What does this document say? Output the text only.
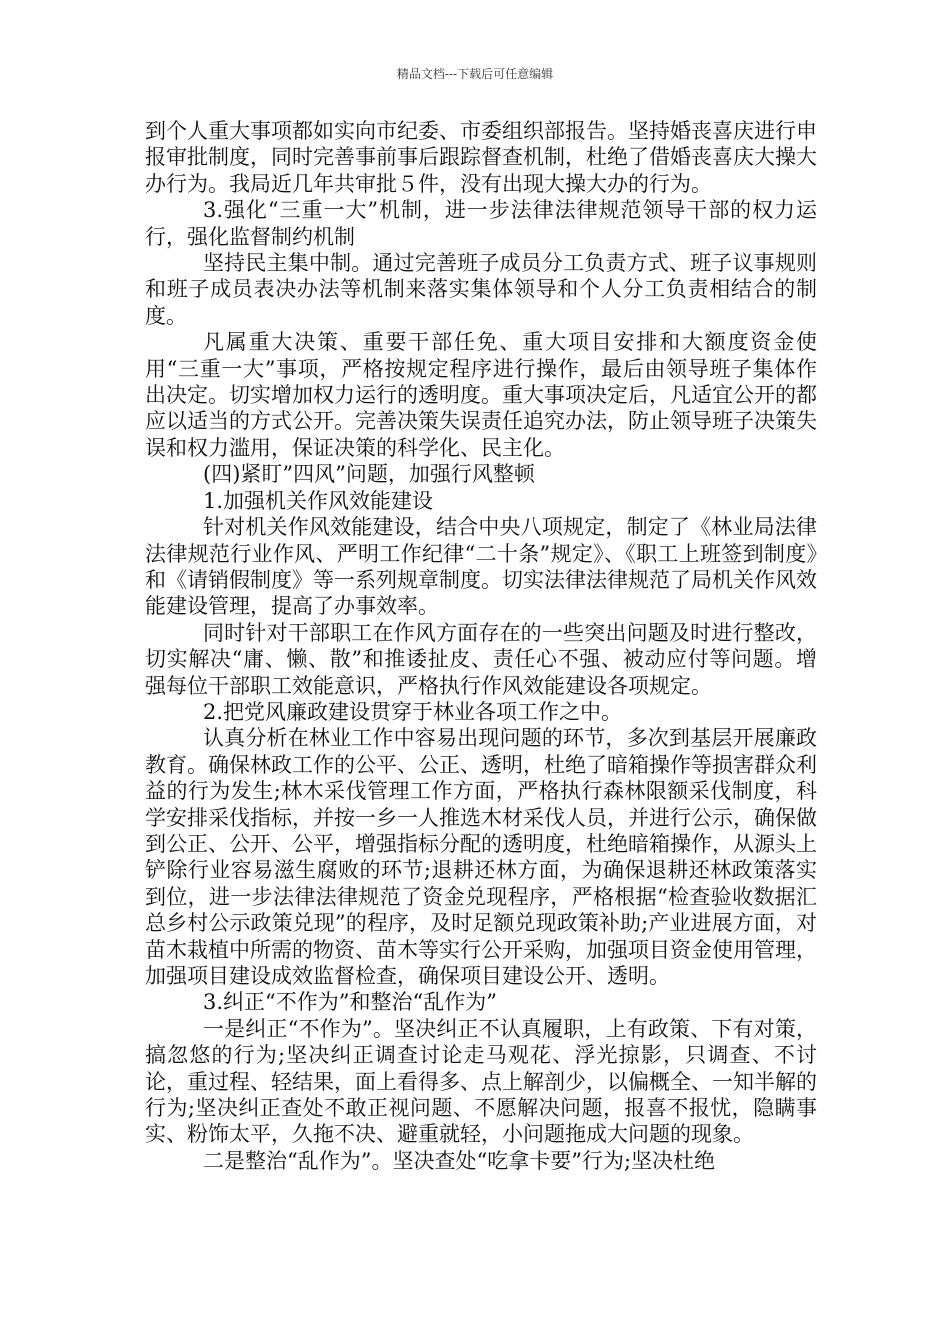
精品文档---下载后可任意编辑

到个人重大事项都如实向市纪委、市委组织部报告。坚持婚丧喜庆进行申报审批制度，同时完善事前事后跟踪督查机制，杜绝了借婚丧喜庆大操大办行为。我局近几年共审批５件，没有出现大操大办的行为。

3.强化“三重一大”机制，进一步法律法律规范领导干部的权力运行，强化监督制约机制

坚持民主集中制。通过完善班子成员分工负责方式、班子议事规则和班子成员表决办法等机制来落实集体领导和个人分工负责相结合的制度。

凡属重大决策、重要干部任免、重大项目安排和大额度资金使用“三重一大”事项，严格按规定程序进行操作，最后由领导班子集体作出决定。切实增加权力运行的透明度。重大事项决定后，凡适宜公开的都应以适当的方式公开。完善决策失误责任追究办法，防止领导班子决策失误和权力滥用，保证决策的科学化、民主化。

(四)紧盯”四风”问题，加强行风整顿

1.加强机关作风效能建设

针对机关作风效能建设，结合中央八项规定，制定了《林业局法律法律规范行业作风、严明工作纪律“二十条”规定》、《职工上班签到制度》和《请销假制度》等一系列规章制度。切实法律法律规范了局机关作风效能建设管理，提高了办事效率。

同时针对干部职工在作风方面存在的一些突出问题及时进行整改，切实解决“庸、懒、散”和推诿扯皮、责任心不强、被动应付等问题。增强每位干部职工效能意识，严格执行作风效能建设各项规定。

2.把党风廉政建设贯穿于林业各项工作之中。

认真分析在林业工作中容易出现问题的环节，多次到基层开展廉政教育。确保林政工作的公平、公正、透明，杜绝了暗箱操作等损害群众利益的行为发生;林木采伐管理工作方面，严格执行森林限额采伐制度，科学安排采伐指标，并按一乡一人推选木材采伐人员，并进行公示，确保做到公正、公开、公平，增强指标分配的透明度，杜绝暗箱操作，从源头上铲除行业容易滋生腐败的环节;退耕还林方面，为确保退耕还林政策落实到位，进一步法律法律规范了资金兑现程序，严格根据“检查验收数据汇总乡村公示政策兑现”的程序，及时足额兑现政策补助;产业进展方面，对苗木栽植中所需的物资、苗木等实行公开采购，加强项目资金使用管理，加强项目建设成效监督检查，确保项目建设公开、透明。

3.纠正“不作为”和整治“乱作为”

一是纠正“不作为”。坚决纠正不认真履职，上有政策、下有对策，搞忽悠的行为;坚决纠正调查讨论走马观花、浮光掠影，只调查、不讨论，重过程、轻结果，面上看得多、点上解剖少，以偏概全、一知半解的行为;坚决纠正查处不敢正视问题、不愿解决问题，报喜不报忧，隐瞒事实、粉饰太平，久拖不决、避重就轻，小问题拖成大问题的现象。

二是整治“乱作为”。坚决查处“吃拿卡要”行为;坚决杜绝
